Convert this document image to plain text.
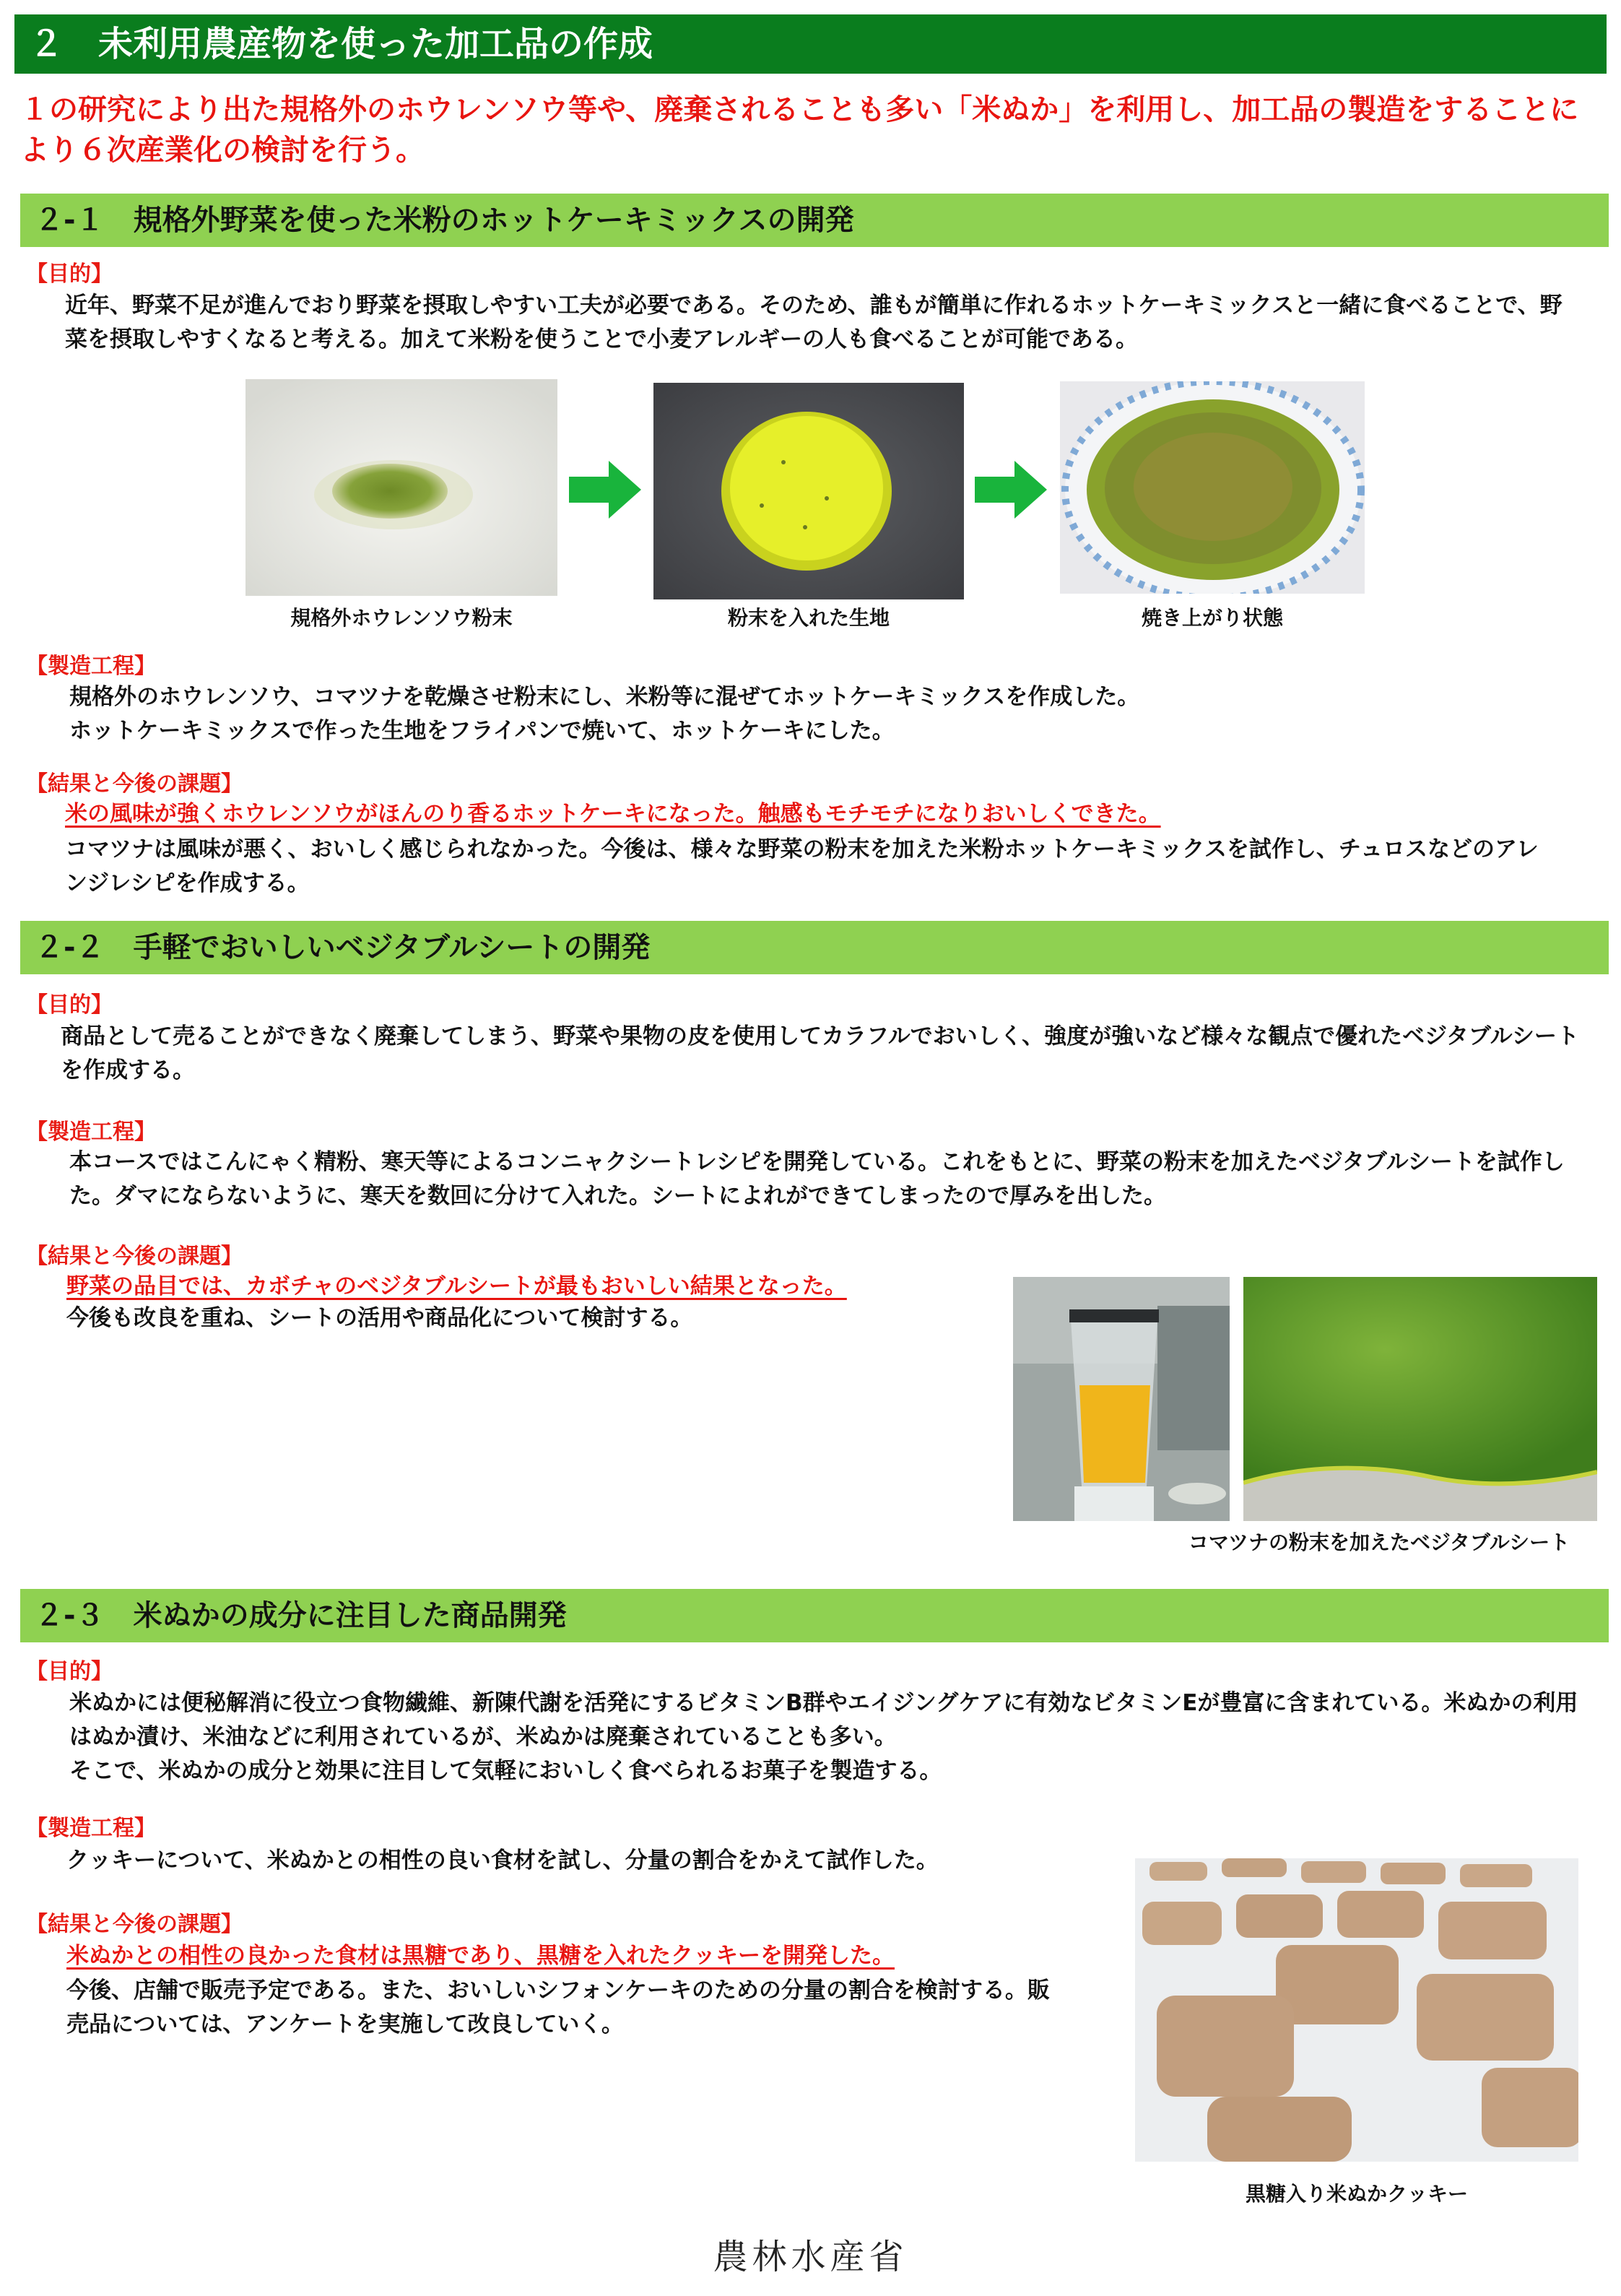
２　未利用農産物を使った加工品の作成
１の研究により出た規格外のホウレンソウ等や、廃棄されることも多い「米ぬか」を利用し、加工品の製造をすることにより６次産業化の検討を行う。
２-１　規格外野菜を使った米粉のホットケーキミックスの開発
【目的】
近年、野菜不足が進んでおり野菜を摂取しやすい工夫が必要である。そのため、誰もが簡単に作れるホットケーキミックスと一緒に食べることで、野菜を摂取しやすくなると考える。加えて米粉を使うことで小麦アレルギーの人も食べることが可能である。
規格外ホウレンソウ粉末	粉末を入れた生地	焼き上がり状態
【製造工程】
規格外のホウレンソウ、コマツナを乾燥させ粉末にし、米粉等に混ぜてホットケーキミックスを作成した。
ホットケーキミックスで作った生地をフライパンで焼いて、ホットケーキにした。
【結果と今後の課題】
米の風味が強くホウレンソウがほんのり香るホットケーキになった。触感もモチモチになりおいしくできた。
コマツナは風味が悪く、おいしく感じられなかった。今後は、様々な野菜の粉末を加えた米粉ホットケーキミックスを試作し、チュロスなどのアレンジレシピを作成する。
２-２　手軽でおいしいベジタブルシートの開発
【目的】
商品として売ることができなく廃棄してしまう、野菜や果物の皮を使用してカラフルでおいしく、強度が強いなど様々な観点で優れたベジタブルシートを作成する。
【製造工程】
本コースではこんにゃく精粉、寒天等によるコンニャクシートレシピを開発している。これをもとに、野菜の粉末を加えたベジタブルシートを試作した。ダマにならないように、寒天を数回に分けて入れた。シートによれができてしまったので厚みを出した。
【結果と今後の課題】
野菜の品目では、カボチャのベジタブルシートが最もおいしい結果となった。
今後も改良を重ね、シートの活用や商品化について検討する。
コマツナの粉末を加えたベジタブルシート
２-３　米ぬかの成分に注目した商品開発
【目的】
米ぬかには便秘解消に役立つ食物繊維、新陳代謝を活発にするビタミンB群やエイジングケアに有効なビタミンEが豊富に含まれている。米ぬかの利用はぬか漬け、米油などに利用されているが、米ぬかは廃棄されていることも多い。
そこで、米ぬかの成分と効果に注目して気軽においしく食べられるお菓子を製造する。
【製造工程】
クッキーについて、米ぬかとの相性の良い食材を試し、分量の割合をかえて試作した。
【結果と今後の課題】
米ぬかとの相性の良かった食材は黒糖であり、黒糖を入れたクッキーを開発した。
今後、店舗で販売予定である。また、おいしいシフォンケーキのための分量の割合を検討する。販売品については、アンケートを実施して改良していく。
黒糖入り米ぬかクッキー
農林水産省
